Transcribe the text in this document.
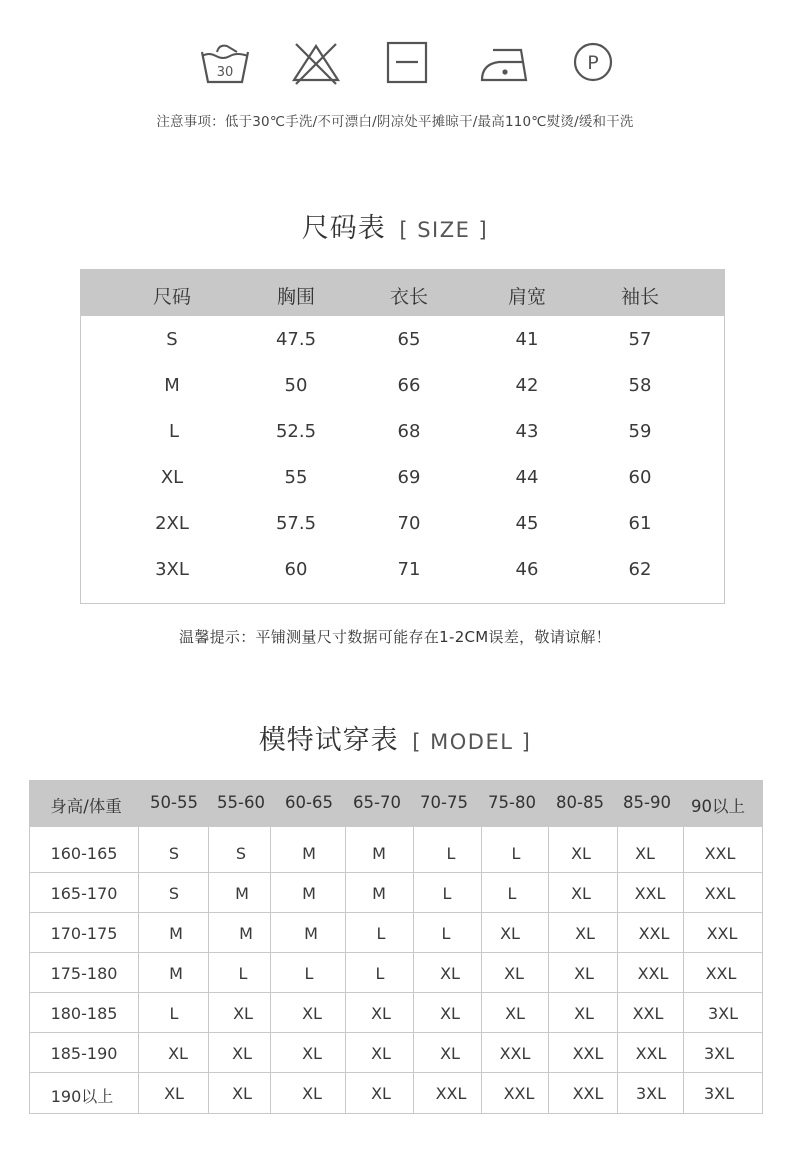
30	P
注意事项：低于30℃手洗/不可漂白/阴凉处平摊晾干/最高110℃熨烫/缓和干洗
尺码表 [ SIZE ]
尺码	胸围	衣长	肩宽	袖长
S	47.5	65	41	57
M	50	66	42	58
L	52.5	68	43	59
XL	55	69	44	60
2XL	57.5	70	45	61
3XL	60	71	46	62
温馨提示：平铺测量尺寸数据可能存在1-2CM误差，敬请谅解！
模特试穿表 [ MODEL ]
身高/体重 50-55 55-60 60-65 65-70 70-75 75-80 80-85 85-90 90以上
160-165	S	S	M	M	L	L	XL	XL	XXL
165-170	S	M	M	M	L	L	XL	XXL XXL
170-175	M	M	M	L	L	XL	XL	XXL XXL
175-180	M	L	L	L	XL	XL	XL	XXL XXL
180-185	L	XL	XL	XL	XL	XL	XL XXL	3XL
185-190	XL	XL	XL	XL	XL XXL	XXL XXL 3XL
190以上	XL	XL	XL	XL	XXL XXL XXL 3XL 3XL
